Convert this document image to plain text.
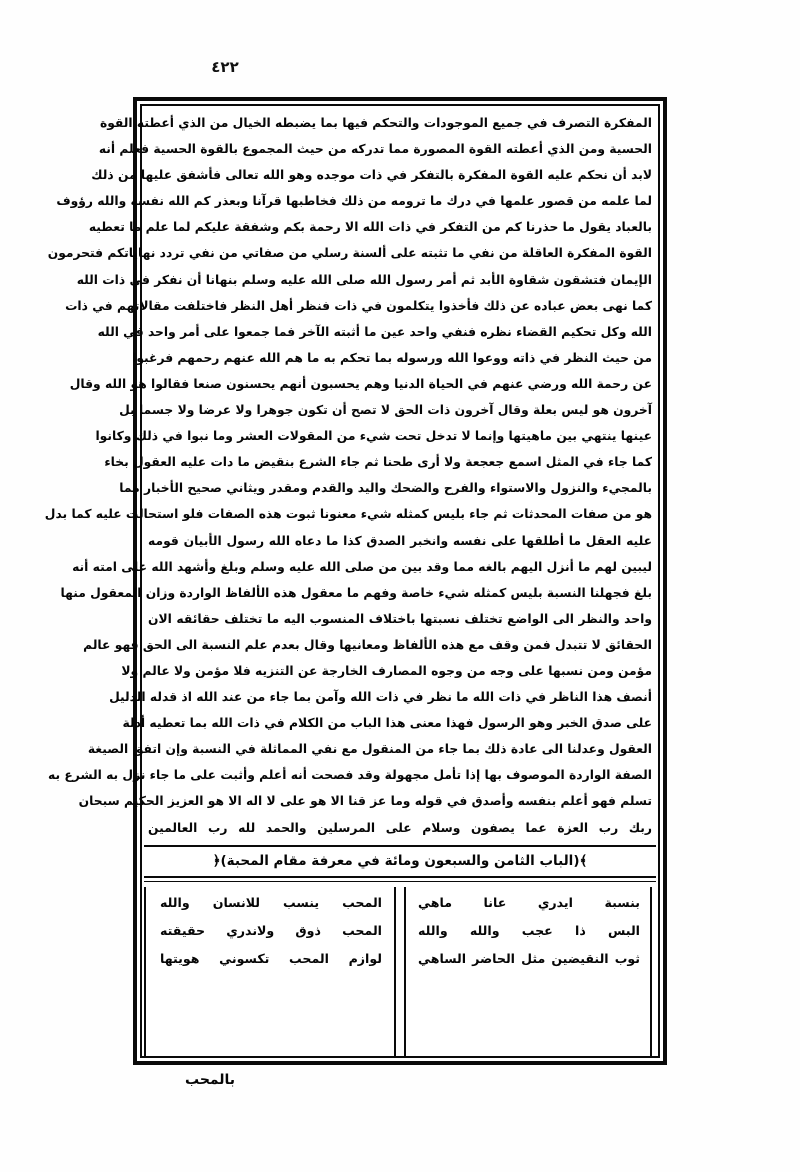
٤٢٢
المفكرة التصرف في جميع الموجودات والتحكم فيها بما يضبطه الخيال من الذي أعطته القوة
الحسية ومن الذي أعطته القوة المصورة مما تدركه من حيث المجموع بالقوة الحسية فعلم أنه
لابد أن نحكم عليه القوة المفكرة بالتفكر في ذات موجده وهو الله تعالى فأشفق عليها من ذلك
لما علمه من قصور علمها في درك ما ترومه من ذلك فخاطبها قرآنا وبعذر كم الله نفسه والله رؤوف
بالعباد يقول ما حذرنا كم من التفكر في ذات الله الا رحمة بكم وشفقة عليكم لما علم ما تعطيه
القوة المفكرة العاقلة من نفي ما تثبته على ألسنة رسلي من صفاتي من نفي تردد نهاياتكم فتحرمون
الإيمان فتشقون شقاوة الأبد ثم أمر رسول الله صلى الله عليه وسلم بنهانا أن نفكر في ذات الله
كما نهى بعض عباده عن ذلك فأخذوا يتكلمون في ذات فنظر أهل النظر فاختلفت مقالاتهم في ذات
الله وكل تحكيم القضاء نظره فنفي واحد عين ما أثبته الآخر فما جمعوا على أمر واحد في الله
من حيث النظر في ذاته ووعوا الله ورسوله بما تحكم به ما هم الله عنهم رحمهم فرغبوا
عن رحمة الله ورضي عنهم في الحياة الدنيا وهم يحسبون أنهم يحسنون صنعا فقالوا هو الله وقال
آخرون هو ليس بعلة وقال آخرون ذات الحق لا تصح أن تكون جوهرا ولا عرضا ولا جسما بل
عينها ينتهي بين ماهيتها وإنما لا تدخل تحت شيء من المقولات العشر وما نبوا في ذلك وكانوا
كما جاء في المثل اسمع جعجعة ولا أرى طحنا ثم جاء الشرع بنقيض ما دات عليه العقول بخاء
بالمجيء والنزول والاستواء والفرح والضحك واليد والقدم ومقدر ويثاني صحيح الأخبار مما
هو من صفات المحدثات ثم جاء بليس كمثله شيء معنونا ثبوت هذه الصفات فلو استحالت عليه كما بدل
عليه العقل ما أطلقها على نفسه وانخبر الصدق كذا ما دعاه الله رسول الأبيان قومه
ليبين لهم ما أنزل اليهم بالغه مما وقد بين من صلى الله عليه وسلم وبلغ وأشهد الله على امته أنه
بلغ فجهلنا النسبة بليس كمثله شيء خاصة وفهم ما معقول هذه الألفاظ الواردة وزان المعقول منها
واحد والنظر الى الواضع تختلف نسبتها باختلاف المنسوب اليه ما تختلف حقائقه الان
الحقائق لا تتبدل فمن وقف مع هذه الألفاظ ومعانيها وقال بعدم علم النسبة الى الحق فهو عالم
مؤمن ومن نسبها على وجه من وجوه المصارف الخارجة عن التنزيه فلا مؤمن ولا عالم ولا
أنصف هذا الناظر في ذات الله ما نظر في ذات الله وآمن بما جاء من عند الله اذ قدله الدليل
على صدق الخبر وهو الرسول فهذا معنى هذا الباب من الكلام في ذات الله بما تعطيه أدلة
العقول وعدلنا الى عادة ذلك بما جاء من المنقول مع نفي المماثلة في النسبة وإن اتفق الصيغة
الصفة الواردة الموصوف بها إذا تأمل مجهولة وقد فصحت أنه أعلم وأثبت على ما جاء نزل به الشرع به
تسلم فهو أعلم بنفسه وأصدق في قوله وما عز قنا الا هو على لا اله الا هو العزيز الحكيم سبحان
ربك رب العزة عما يصفون وسلام على المرسلين والحمد لله رب العالمين
﴾(الباب الثامن والسبعون ومائة في معرفة مقام المحبة)﴿
المحب ينسب للانسان والله
المحب ذوق ولاندري حقيقته
لوازم المحب تكسوني هويتها
بنسبة ايدري عانا ماهي
البس ذا عجب والله والله
ثوب النقيضين مثل الحاضر الساهي
بالمحب
